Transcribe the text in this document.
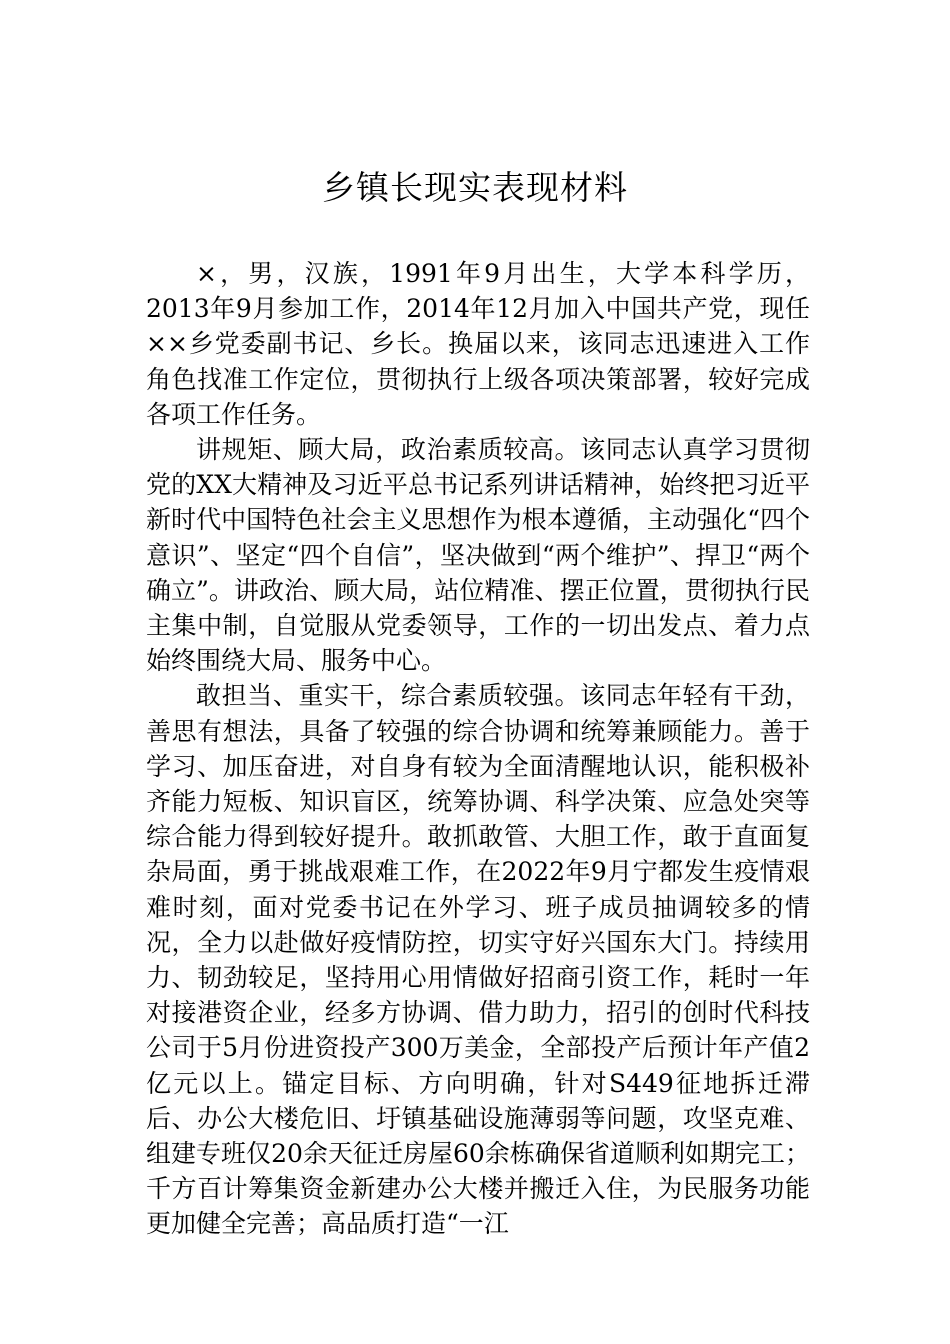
乡镇长现实表现材料

×，男，汉族，1991年9月出生，大学本科学历，2013年9月参加工作，2014年12月加入中国共产党，现任××乡党委副书记、乡长。换届以来，该同志迅速进入工作角色找准工作定位，贯彻执行上级各项决策部署，较好完成各项工作任务。

讲规矩、顾大局，政治素质较高。该同志认真学习贯彻党的XX大精神及习近平总书记系列讲话精神，始终把习近平新时代中国特色社会主义思想作为根本遵循，主动强化“四个意识”、坚定“四个自信”，坚决做到“两个维护”、捍卫“两个确立”。讲政治、顾大局，站位精准、摆正位置，贯彻执行民主集中制，自觉服从党委领导，工作的一切出发点、着力点始终围绕大局、服务中心。

敢担当、重实干，综合素质较强。该同志年轻有干劲，善思有想法，具备了较强的综合协调和统筹兼顾能力。善于学习、加压奋进，对自身有较为全面清醒地认识，能积极补齐能力短板、知识盲区，统筹协调、科学决策、应急处突等综合能力得到较好提升。敢抓敢管、大胆工作，敢于直面复杂局面，勇于挑战艰难工作，在2022年9月宁都发生疫情艰难时刻，面对党委书记在外学习、班子成员抽调较多的情况，全力以赴做好疫情防控，切实守好兴国东大门。持续用力、韧劲较足，坚持用心用情做好招商引资工作，耗时一年对接港资企业，经多方协调、借力助力，招引的创时代科技公司于5月份进资投产300万美金，全部投产后预计年产值2亿元以上。锚定目标、方向明确，针对S449征地拆迁滞后、办公大楼危旧、圩镇基础设施薄弱等问题，攻坚克难、组建专班仅20余天征迁房屋60余栋确保省道顺利如期完工；千方百计筹集资金新建办公大楼并搬迁入住，为民服务功能更加健全完善；高品质打造“一江
